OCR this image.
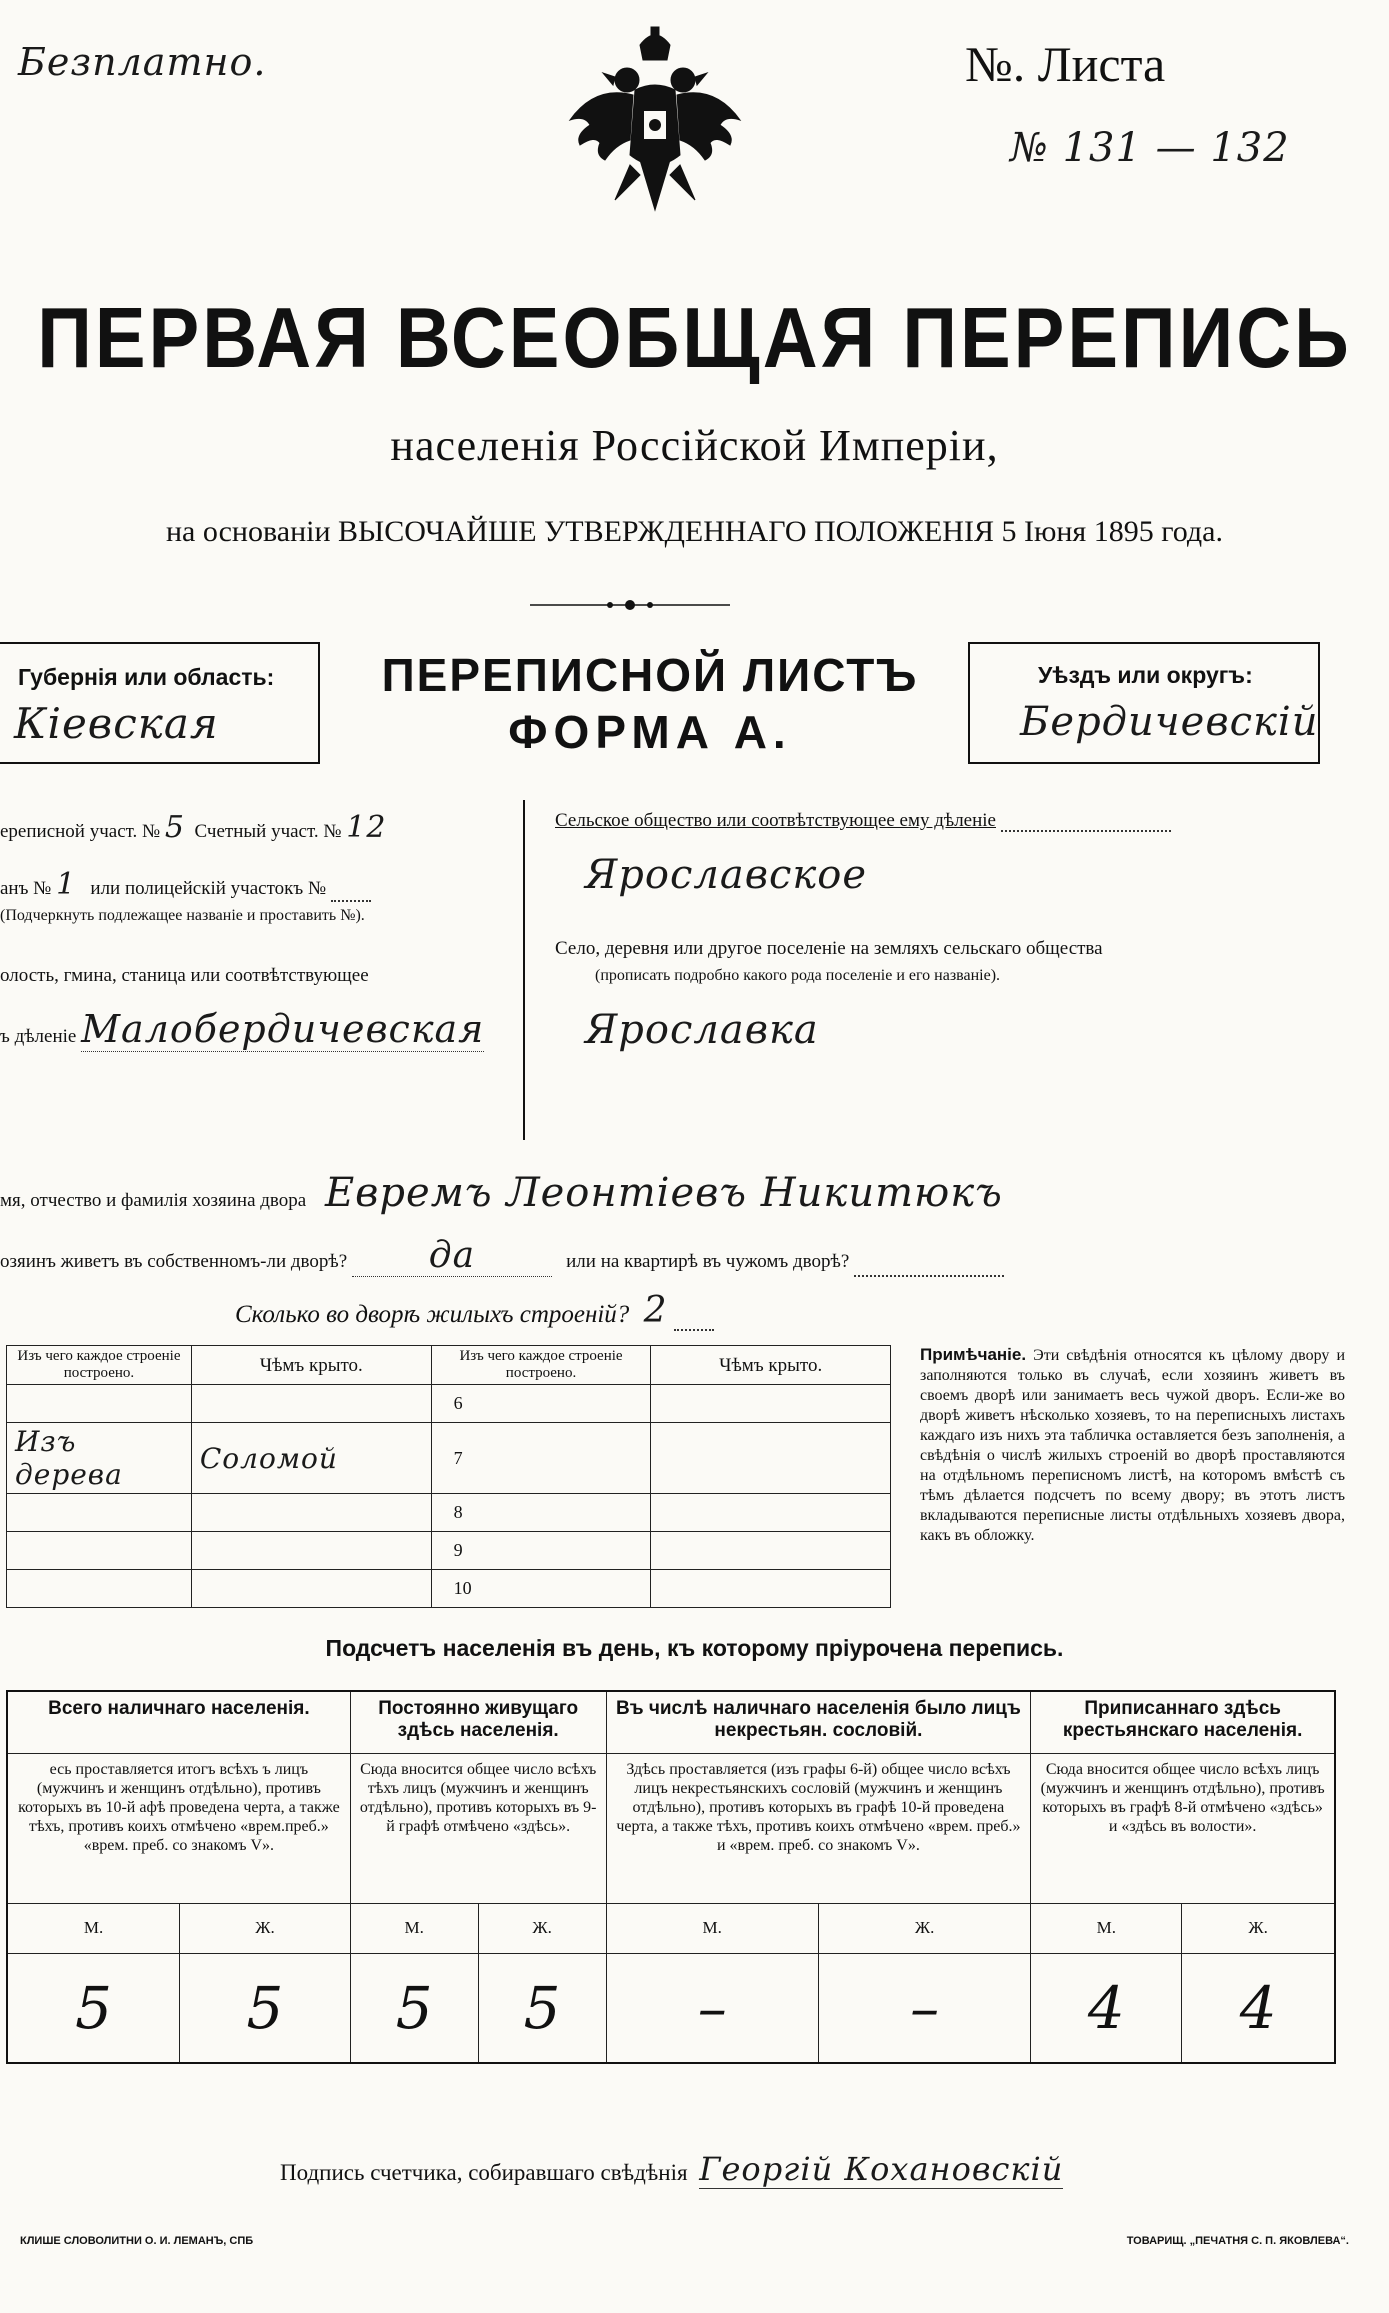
Безплатно.	№. Листа
№ 131 — 132
ПЕРВАЯ ВСЕОБЩАЯ ПЕРЕПИСЬ
населенія Россійской Имперіи,
на основаніи ВЫСОЧАЙШЕ УТВЕРЖДЕННАГО ПОЛОЖЕНІЯ 5 Іюня 1895 года.
Губернія или область:
Кіевская
ПЕРЕПИСНОЙ ЛИСТЪ
ФОРМА А.
Уѣздъ или округъ:
Бердичевскій
ереписной участ. № 5 Счетный участ. № 12
анъ № 1 или полицейскій участокъ №
(Подчеркнуть подлежащее названіе и проставить №).
олость, гмина, станица или соотвѣтствующее
ъ дѣленіе Малобердичевская
Сельское общество или соотвѣтствующее ему дѣленіе
Ярославское
Село, деревня или другое поселеніе на земляхъ сельскаго общества
(прописать подробно какого рода поселеніе и его названіе).
Ярославка
мя, отчество и фамилія хозяина двора Евремъ Леонтіевъ Никитюкъ
озяинъ живетъ въ собственномъ-ли дворѣ? да	или на квартирѣ въ чужомъ дворѣ?
Сколько во дворѣ жилыхъ строеній? 2
Изъ чего каждое строеніе построено.	Чѣмъ крыто.	Изъ чего каждое строеніе построено.	Чѣмъ крыто.
		6	
Изъ дерева	Соломой	7	
		8	
		9	
		10	
Примѣчаніе. Эти свѣдѣнія относятся къ цѣлому двору и заполняются только въ случаѣ, если хозяинъ живетъ въ своемъ дворѣ или занимаетъ весь чужой дворъ. Если-же во дворѣ живетъ нѣсколько хозяевъ, то на переписныхъ листахъ каждаго изъ нихъ эта табличка оставляется безъ заполненія, а свѣдѣнія о числѣ жилыхъ строеній во дворѣ проставляются на отдѣльномъ переписномъ листѣ, на которомъ вмѣстѣ съ тѣмъ дѣлается подсчетъ по всему двору; въ этотъ листъ вкладываются переписные листы отдѣльныхъ хозяевъ двора, какъ въ обложку.
Подсчетъ населенія въ день, къ которому пріурочена перепись.
Всего наличнаго населенія.		Постоянно живущаго здѣсь населенія.		Въ числѣ наличнаго населенія было лицъ некрестьян. сословій.		Приписаннаго здѣсь крестьянскаго населенія.	
есь проставляется итогъ всѣхъ ъ лицъ (мужчинъ и женщинъ отдѣльно), противъ которыхъ въ 10-й афѣ проведена черта, а также тѣхъ, противъ коихъ отмѣчено «врем.преб.» «врем. преб. со знакомъ V».		Сюда вносится общее число всѣхъ тѣхъ лицъ (мужчинъ и женщинъ отдѣльно), противъ которыхъ въ 9-й графѣ отмѣчено «здѣсь».		Здѣсь проставляется (изъ графы 6-й) общее число всѣхъ лицъ некрестьянскихъ сословій (мужчинъ и женщинъ отдѣльно), противъ которыхъ въ графѣ 10-й проведена черта, а также тѣхъ, противъ коихъ отмѣчено «врем. преб.» и «врем. преб. со знакомъ V».		Сюда вносится общее число всѣхъ лицъ (мужчинъ и женщинъ отдѣльно), противъ которыхъ въ графѣ 8-й отмѣчено «здѣсь» и «здѣсь въ волости».	
М.	Ж.	М.	Ж.	М.	Ж.	М.	Ж.
5	5	5	5	–	–	4	4
Подпись счетчика, собиравшаго свѣдѣнія Георгій Кохановскій
КЛИШЕ СЛОВОЛИТНИ О. И. ЛЕМАНЪ, СПБ	ТОВАРИЩ. „ПЕЧАТНЯ С. П. ЯКОВЛЕВА“.
